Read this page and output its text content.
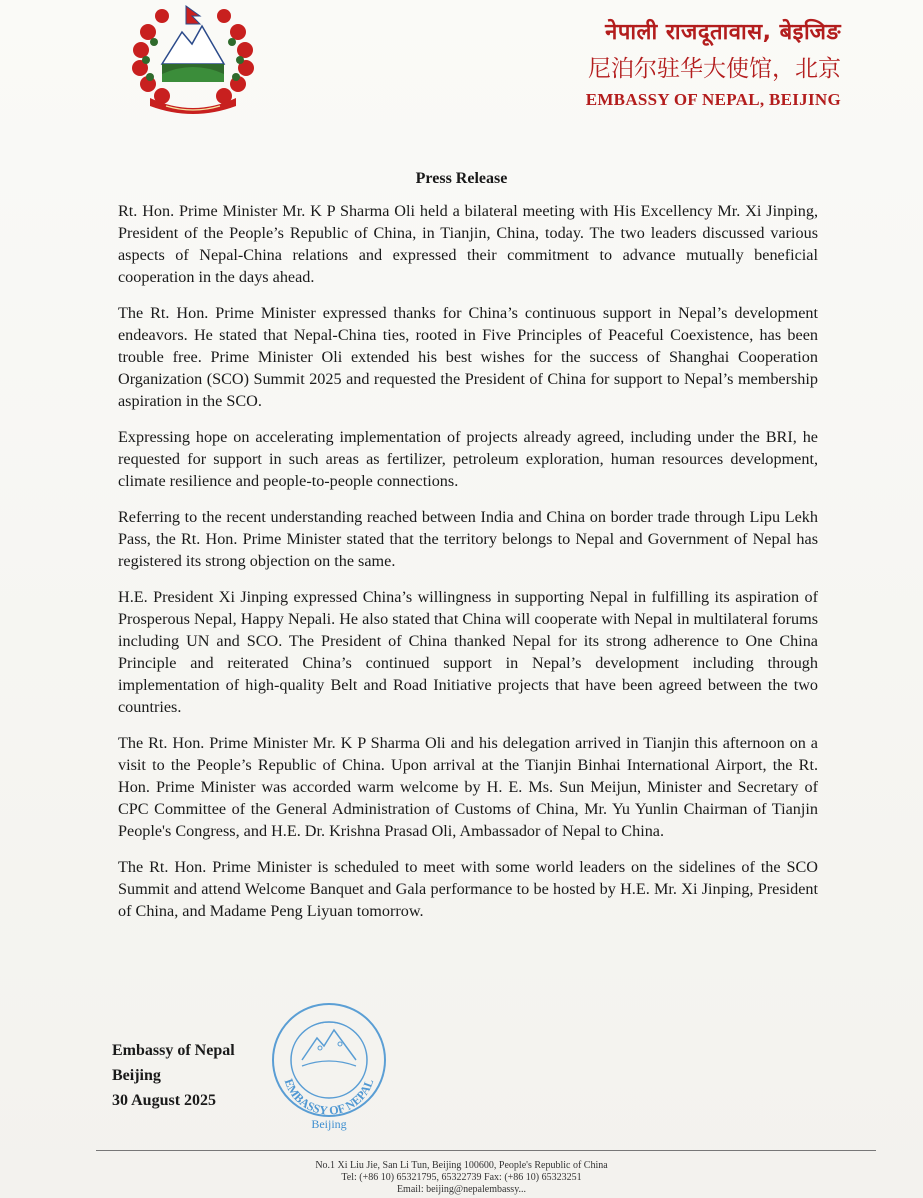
नेपाली राजदूतावास, बेइजिङ
尼泊尔驻华大使馆，北京
EMBASSY OF NEPAL, BEIJING
Press Release

Rt. Hon. Prime Minister Mr. K P Sharma Oli held a bilateral meeting with His Excellency Mr. Xi Jinping, President of the People’s Republic of China, in Tianjin, China, today. The two leaders discussed various aspects of Nepal-China relations and expressed their commitment to advance mutually beneficial cooperation in the days ahead.

The Rt. Hon. Prime Minister expressed thanks for China’s continuous support in Nepal’s development endeavors. He stated that Nepal-China ties, rooted in Five Principles of Peaceful Coexistence, has been trouble free. Prime Minister Oli extended his best wishes for the success of Shanghai Cooperation Organization (SCO) Summit 2025 and requested the President of China for support to Nepal’s membership aspiration in the SCO.

Expressing hope on accelerating implementation of projects already agreed, including under the BRI, he requested for support in such areas as fertilizer, petroleum exploration, human resources development, climate resilience and people-to-people connections.

Referring to the recent understanding reached between India and China on border trade through Lipu Lekh Pass, the Rt. Hon. Prime Minister stated that the territory belongs to Nepal and Government of Nepal has registered its strong objection on the same.

H.E. President Xi Jinping expressed China’s willingness in supporting Nepal in fulfilling its aspiration of Prosperous Nepal, Happy Nepali. He also stated that China will cooperate with Nepal in multilateral forums including UN and SCO. The President of China thanked Nepal for its strong adherence to One China Principle and reiterated China’s continued support in Nepal’s development including through implementation of high-quality Belt and Road Initiative projects that have been agreed between the two countries.

The Rt. Hon. Prime Minister Mr. K P Sharma Oli and his delegation arrived in Tianjin this afternoon on a visit to the People’s Republic of China. Upon arrival at the Tianjin Binhai International Airport, the Rt. Hon. Prime Minister was accorded warm welcome by H. E. Ms. Sun Meijun, Minister and Secretary of CPC Committee of the General Administration of Customs of China, Mr. Yu Yunlin Chairman of Tianjin People's Congress, and H.E. Dr. Krishna Prasad Oli, Ambassador of Nepal to China.

The Rt. Hon. Prime Minister is scheduled to meet with some world leaders on the sidelines of the SCO Summit and attend Welcome Banquet and Gala performance to be hosted by H.E. Mr. Xi Jinping, President of China, and Madame Peng Liyuan tomorrow.

Embassy of Nepal
Beijing
30 August 2025
EMBASSY OF NEPAL
Beijing
No.1 Xi Liu Jie, San Li Tun, Beijing 100600, People's Republic of China
Tel: (+86 10) 65321795, 65322739 Fax: (+86 10) 65323251
Email: beijing@nepalembassy...
